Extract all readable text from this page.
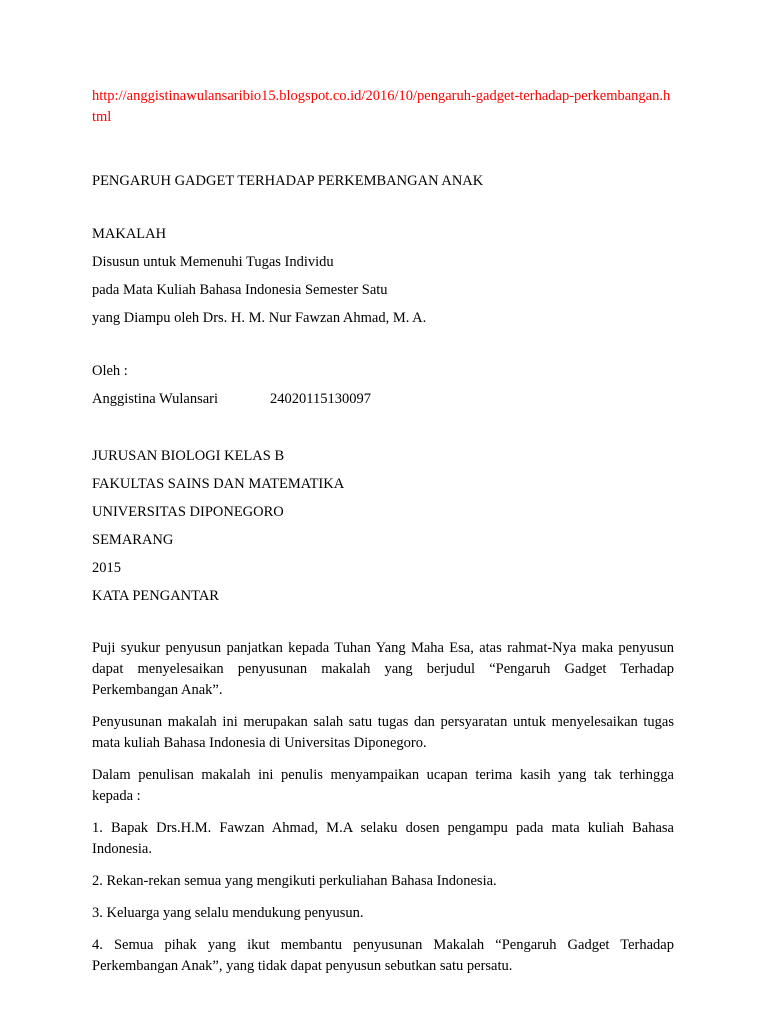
http://anggistinawulansaribio15.blogspot.co.id/2016/10/pengaruh-gadget-terhadap-perkembangan.html

PENGARUH GADGET TERHADAP PERKEMBANGAN ANAK

MAKALAH

Disusun untuk Memenuhi Tugas Individu

pada Mata Kuliah Bahasa Indonesia Semester Satu

yang Diampu oleh Drs. H. M. Nur Fawzan Ahmad, M. A.

Oleh :

Anggistina Wulansari	24020115130097

JURUSAN BIOLOGI KELAS B

FAKULTAS SAINS DAN MATEMATIKA

UNIVERSITAS DIPONEGORO

SEMARANG

2015

KATA PENGANTAR

Puji syukur penyusun panjatkan kepada Tuhan Yang Maha Esa, atas rahmat-Nya maka penyusun dapat menyelesaikan penyusunan makalah yang berjudul “Pengaruh Gadget Terhadap Perkembangan Anak”.

Penyusunan makalah ini merupakan salah satu tugas dan persyaratan untuk menyelesaikan tugas mata kuliah Bahasa Indonesia di Universitas Diponegoro.

Dalam penulisan makalah ini penulis menyampaikan ucapan terima kasih yang tak terhingga kepada :

1. Bapak Drs.H.M. Fawzan Ahmad, M.A selaku dosen pengampu pada mata kuliah Bahasa Indonesia.

2. Rekan-rekan semua yang mengikuti perkuliahan Bahasa Indonesia.

3. Keluarga yang selalu mendukung penyusun.

4. Semua pihak yang ikut membantu penyusunan Makalah “Pengaruh Gadget Terhadap Perkembangan Anak”, yang tidak dapat penyusun sebutkan satu persatu.
